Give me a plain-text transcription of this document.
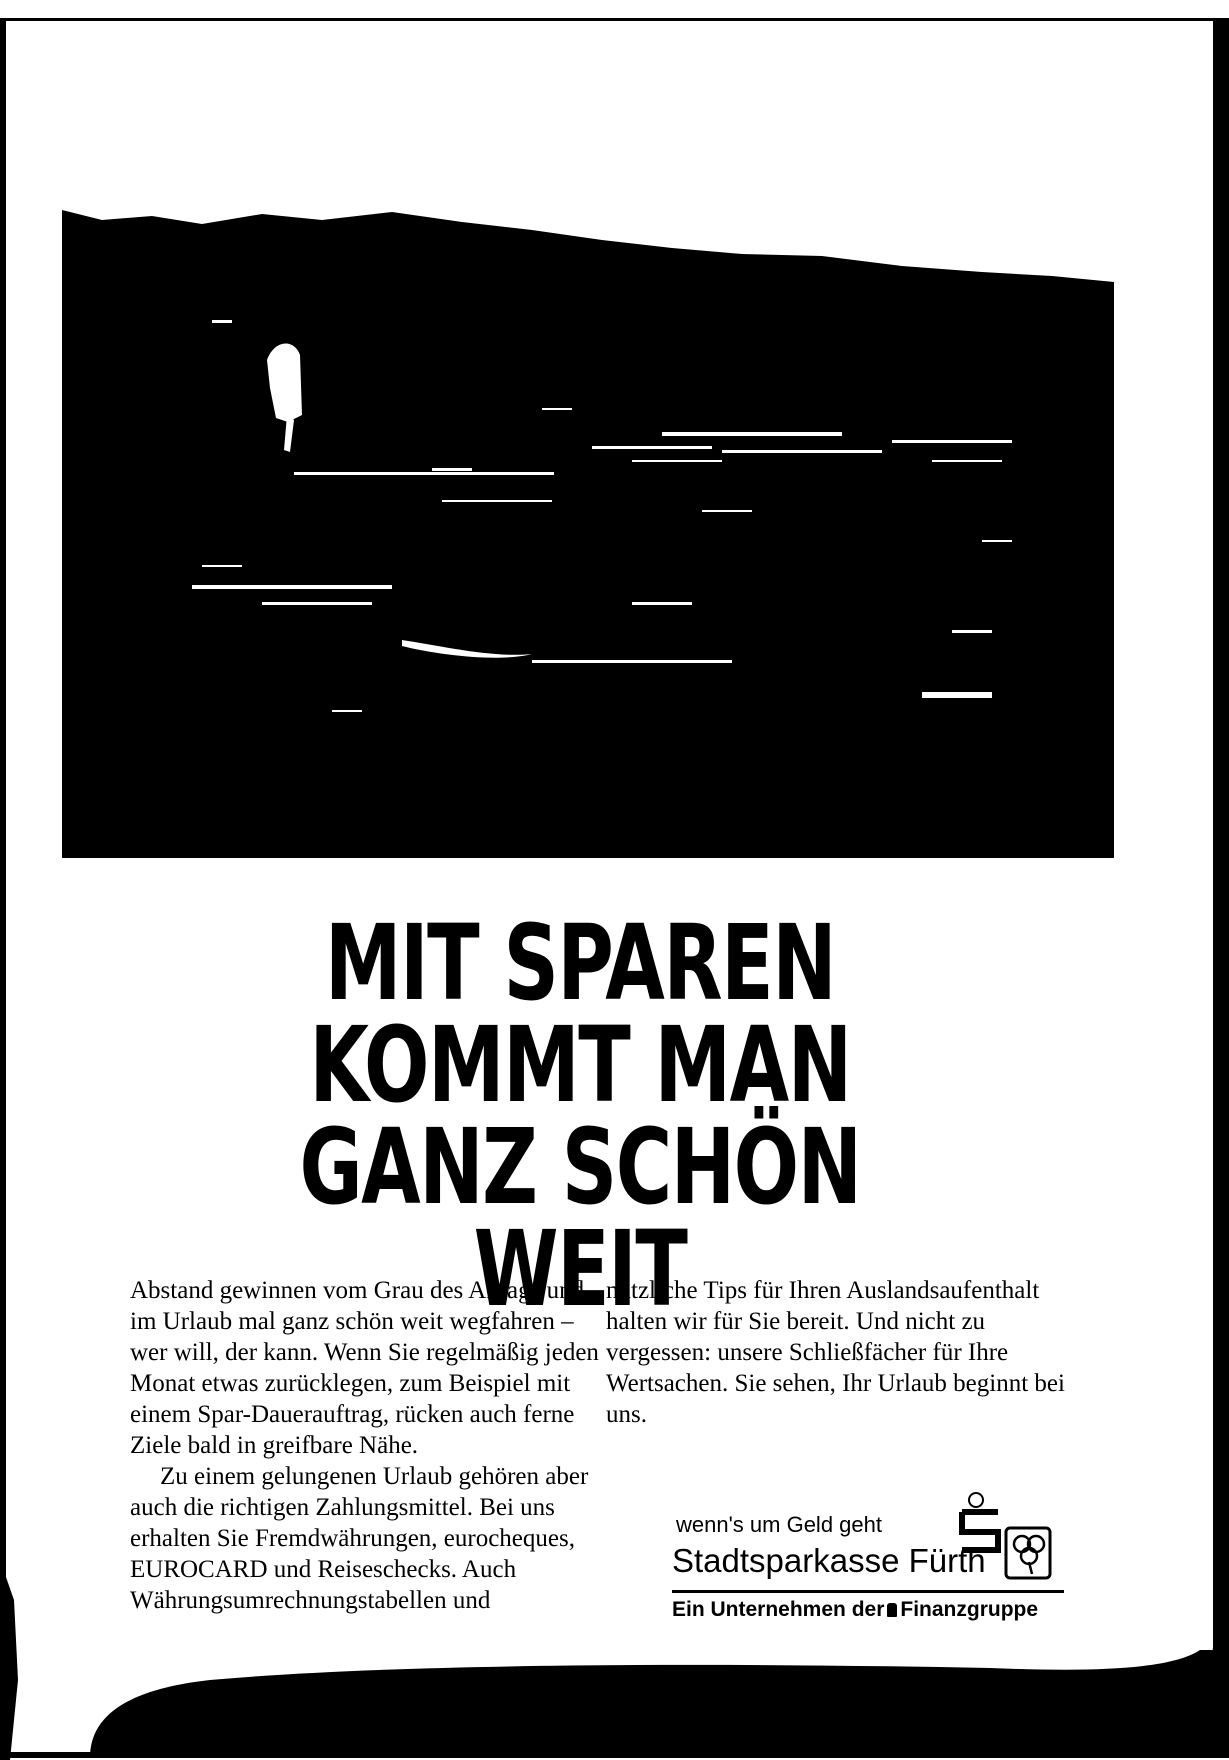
MIT SPAREN
KOMMT MAN
GANZ SCHÖN WEIT

Abstand gewinnen vom Grau des Alltags und im Urlaub mal ganz schön weit wegfahren – wer will, der kann. Wenn Sie regelmäßig jeden Monat etwas zurücklegen, zum Beispiel mit einem Spar-Dauerauftrag, rücken auch ferne Ziele bald in greifbare Nähe.

Zu einem gelungenen Urlaub gehören aber auch die richtigen Zahlungsmittel. Bei uns erhalten Sie Fremdwährungen, eurocheques, EUROCARD und Reiseschecks. Auch Währungsumrechnungstabellen und

nützliche Tips für Ihren Auslandsaufenthalt halten wir für Sie bereit. Und nicht zu vergessen: unsere Schließfächer für Ihre Wertsachen. Sie sehen, Ihr Urlaub beginnt bei uns.

wenn's um Geld geht
Stadtsparkasse Fürth
Ein Unternehmen der Finanzgruppe
